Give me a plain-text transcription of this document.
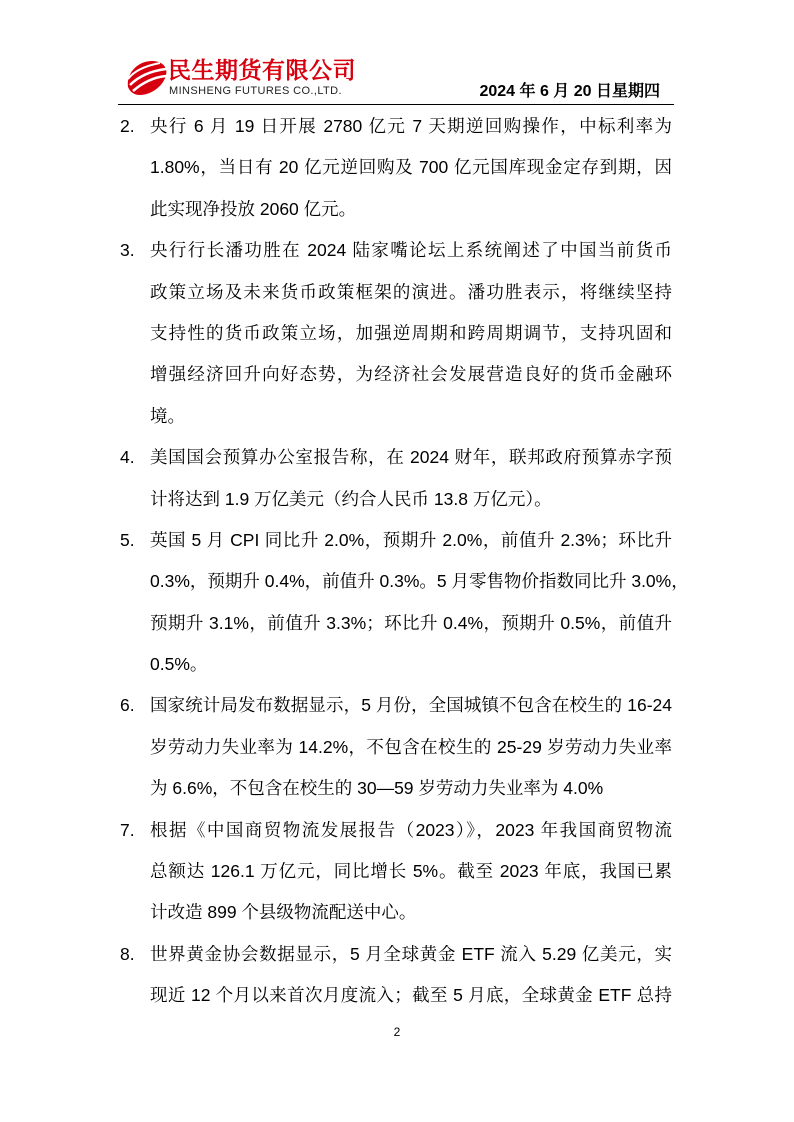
民生期货有限公司
MINSHENG FUTURES CO.,LTD.	2024 年 6 月 20 日星期四
2. 央行 6 月 19 日开展 2780 亿元 7 天期逆回购操作，中标利率为
1.80%，当日有 20 亿元逆回购及 700 亿元国库现金定存到期，因
此实现净投放 2060 亿元。
3. 央行行长潘功胜在 2024 陆家嘴论坛上系统阐述了中国当前货币
政策立场及未来货币政策框架的演进。潘功胜表示，将继续坚持
支持性的货币政策立场，加强逆周期和跨周期调节，支持巩固和
增强经济回升向好态势，为经济社会发展营造良好的货币金融环
境。
4. 美国国会预算办公室报告称，在 2024 财年，联邦政府预算赤字预
计将达到 1.9 万亿美元（约合人民币 13.8 万亿元）。
5. 英国 5 月 CPI 同比升 2.0%，预期升 2.0%，前值升 2.3%；环比升
0.3%，预期升 0.4%，前值升 0.3%。5 月零售物价指数同比升 3.0%，
预期升 3.1%，前值升 3.3%；环比升 0.4%，预期升 0.5%，前值升
0.5%。
6. 国家统计局发布数据显示，5 月份，全国城镇不包含在校生的 16-24
岁劳动力失业率为 14.2%，不包含在校生的 25-29 岁劳动力失业率
为 6.6%，不包含在校生的 30—59 岁劳动力失业率为 4.0%
7. 根据《中国商贸物流发展报告（2023）》，2023 年我国商贸物流
总额达 126.1 万亿元，同比增长 5%。截至 2023 年底，我国已累
计改造 899 个县级物流配送中心。
8. 世界黄金协会数据显示，5 月全球黄金 ETF 流入 5.29 亿美元，实
现近 12 个月以来首次月度流入；截至 5 月底，全球黄金 ETF 总持
2
